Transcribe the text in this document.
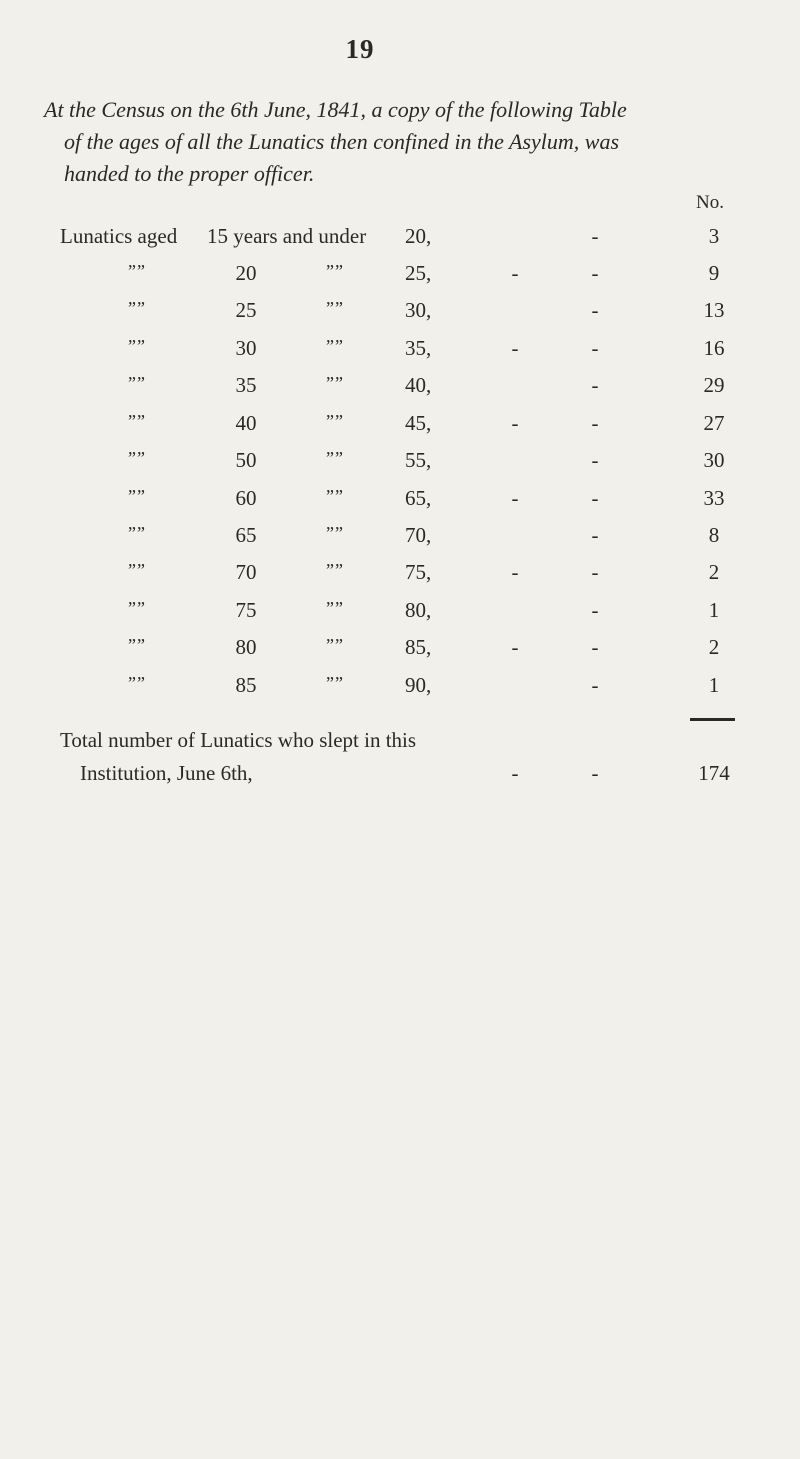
19
At the Census on the 6th June, 1841, a copy of the following Table
of the ages of all the Lunatics then confined in the Asylum, was
handed to the proper officer.
No.
Lunatics aged 15 years and under 20,	-	3
””	20	””	25,	-	-	9
””	25	””	30,	-	13
””	30	””	35,	-	-	16
””	35	””	40,	-	29
””	40	””	45,	-	-	27
””	50	””	55,	-	30
””	60	””	65,	-	-	33
””	65	””	70,	-	8
””	70	””	75,	-	-	2
””	75	””	80,	-	1
””	80	””	85,	-	-	2
””	85	””	90,	-	1
Total number of Lunatics who slept in this
Institution, June 6th,	-	-	174
